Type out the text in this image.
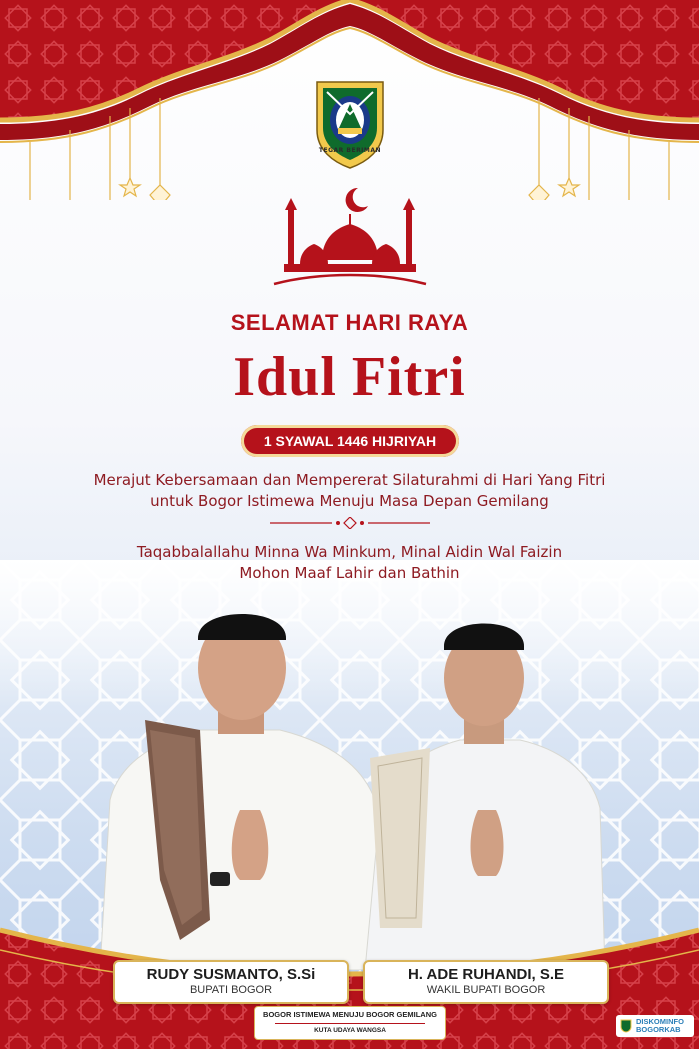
TEGAR BERIMAN
SELAMAT HARI RAYA
Idul Fitri
1 SYAWAL 1446 HIJRIYAH
Merajut Kebersamaan dan Mempererat Silaturahmi di Hari Yang Fitri
untuk Bogor Istimewa Menuju Masa Depan Gemilang
Taqabbalallahu Minna Wa Minkum, Minal Aidin Wal Faizin
Mohon Maaf Lahir dan Bathin
RUDY SUSMANTO, S.Si
BUPATI BOGOR
H. ADE RUHANDI, S.E
WAKIL BUPATI BOGOR
BOGOR ISTIMEWA MENUJU BOGOR GEMILANG
KUTA UDAYA WANGSA
DISKOMINFO
BOGORKAB
